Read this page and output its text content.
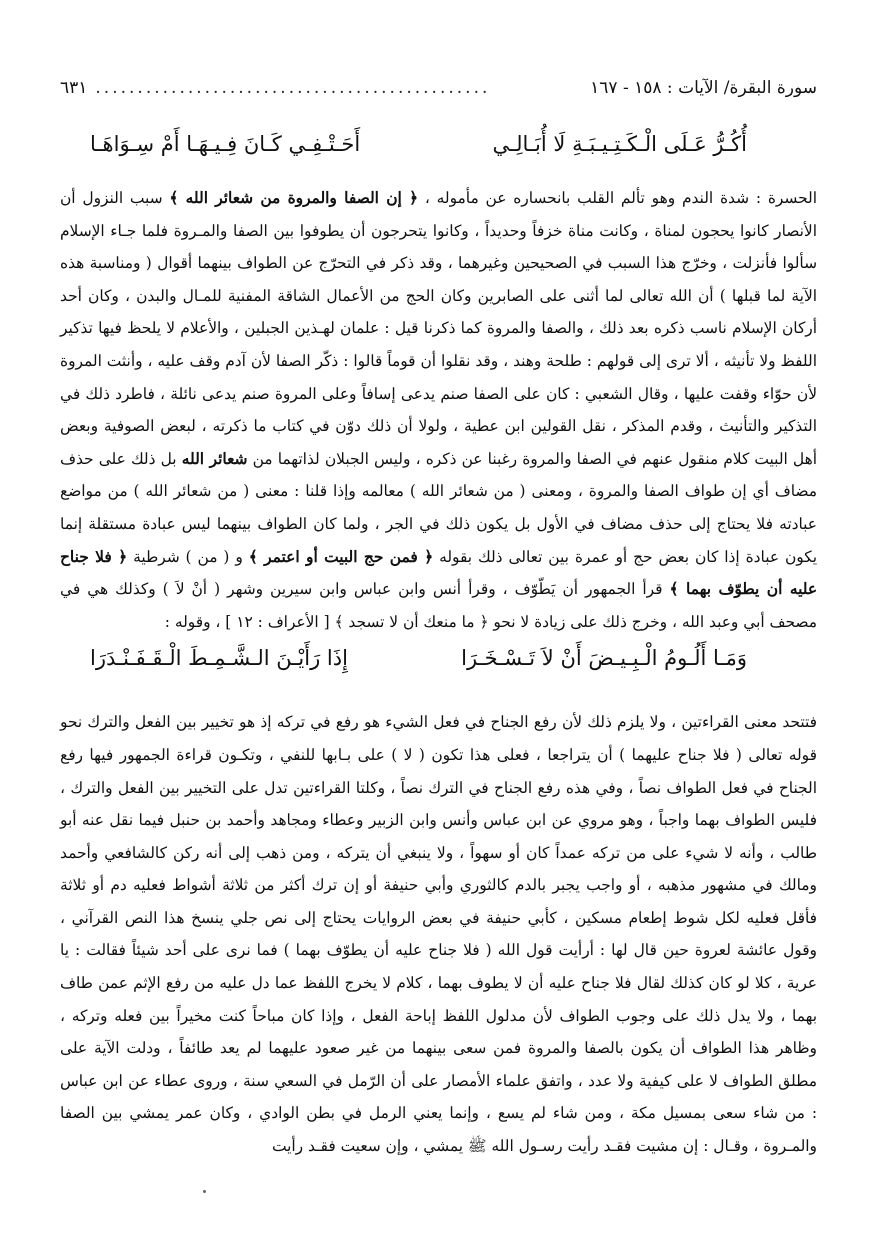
سورة البقرة/ الآيات : ١٥٨ - ١٦٧
...............................................
٦٣١
أُكُـرُّ عَـلَى الْـكَـتِـيـبَـةِ لَا أُبَـالِـي
أَحَـتْـفِـي كَـانَ فِـيـهَـا أَمْ سِـوَاهَـا

الحسرة : شدة الندم وهو تألم القلب بانحساره عن مأموله ، ﴿ إن الصفا والمروة من شعائر الله ﴾ سبب النزول أن الأنصار كانوا يحجون لمناة ، وكانت مناة خزفاً وحديداً ، وكانوا يتحرجون أن يطوفوا بين الصفا والمـروة فلما جـاء الإسلام سألوا فأنزلت ، وخرّج هذا السبب في الصحيحين وغيرهما ، وقد ذكر في التحرّج عن الطواف بينهما أقوال ( ومناسبة هذه الآية لما قبلها ) أن الله تعالى لما أثنى على الصابرين وكان الحج من الأعمال الشاقة المفنية للمـال والبدن ، وكان أحد أركان الإسلام ناسب ذكره بعد ذلك ، والصفا والمروة كما ذكرنا قيل : علمان لهـذين الجبلين ، والأعلام لا يلحظ فيها تذكير اللفظ ولا تأنيثه ، ألا ترى إلى قولهم : طلحة وهند ، وقد نقلوا أن قوماً قالوا : ذكّر الصفا لأن آدم وقف عليه ، وأنثت المروة لأن حوّاء وقفت عليها ، وقال الشعبي : كان على الصفا صنم يدعى إسافاً وعلى المروة صنم يدعى نائلة ، فاطرد ذلك في التذكير والتأنيث ، وقدم المذكر ، نقل القولين ابن عطية ، ولولا أن ذلك دوّن في كتاب ما ذكرته ، لبعض الصوفية وبعض أهل البيت كلام منقول عنهم في الصفا والمروة رغبنا عن ذكره ، وليس الجبلان لذاتهما من شعائر الله بل ذلك على حذف مضاف أي إن طواف الصفا والمروة ، ومعنى ( من شعائر الله ) معالمه وإذا قلنا : معنى ( من شعائر الله ) من مواضع عبادته فلا يحتاج إلى حذف مضاف في الأول بل يكون ذلك في الجر ، ولما كان الطواف بينهما ليس عبادة مستقلة إنما يكون عبادة إذا كان بعض حج أو عمرة بين تعالى ذلك بقوله ﴿ فمن حج البيت أو اعتمر ﴾ و ( من ) شرطية ﴿ فلا جناح عليه أن يطوّف بهما ﴾ قرأ الجمهور أن يَطّوّف ، وقرأ أنس وابن عباس وابن سيرين وشهر ( أنْ لاَ ) وكذلك هي في مصحف أبي وعبد الله ، وخرج ذلك على زيادة لا نحو ﴿ ما منعك أن لا تسجد ﴾ [ الأعراف : ١٢ ] ، وقوله :

وَمَـا أَلُـومُ الْـبِـيـضَ أَنْ لاَ تَـسْـخَـرَا
إِذَا رَأَيْـنَ الـشَّـمِـطَ الْـقَـفَـنْـدَرَا

فتتحد معنى القراءتين ، ولا يلزم ذلك لأن رفع الجناح في فعل الشيء هو رفع في تركه إذ هو تخيير بين الفعل والترك نحو قوله تعالى ( فلا جناح عليهما ) أن يتراجعا ، فعلى هذا تكون ( لا ) على بـابها للنفي ، وتكـون قراءة الجمهور فيها رفع الجناح في فعل الطواف نصاً ، وفي هذه رفع الجناح في الترك نصاً ، وكلتا القراءتين تدل على التخيير بين الفعل والترك ، فليس الطواف بهما واجباً ، وهو مروي عن ابن عباس وأنس وابن الزبير وعطاء ومجاهد وأحمد بن حنبل فيما نقل عنه أبو طالب ، وأنه لا شيء على من تركه عمداً كان أو سهواً ، ولا ينبغي أن يتركه ، ومن ذهب إلى أنه ركن كالشافعي وأحمد ومالك في مشهور مذهبه ، أو واجب يجبر بالدم كالثوري وأبي حنيفة أو إن ترك أكثر من ثلاثة أشواط فعليه دم أو ثلاثة فأقل فعليه لكل شوط إطعام مسكين ، كأبي حنيفة في بعض الروايات يحتاج إلى نص جلي ينسخ هذا النص القرآني ، وقول عائشة لعروة حين قال لها : أرأيت قول الله ( فلا جناح عليه أن يطوّف بهما ) فما نرى على أحد شيئاً فقالت : يا عرية ، كلا لو كان كذلك لقال فلا جناح عليه أن لا يطوف بهما ، كلام لا يخرج اللفظ عما دل عليه من رفع الإثم عمن طاف بهما ، ولا يدل ذلك على وجوب الطواف لأن مدلول اللفظ إباحة الفعل ، وإذا كان مباحاً كنت مخيراً بين فعله وتركه ، وظاهر هذا الطواف أن يكون بالصفا والمروة فمن سعى بينهما من غير صعود عليهما لم يعد طائفاً ، ودلت الآية على مطلق الطواف لا على كيفية ولا عدد ، واتفق علماء الأمصار على أن الرّمل في السعي سنة ، وروى عطاء عن ابن عباس : من شاء سعى بمسيل مكة ، ومن شاء لم يسع ، وإنما يعني الرمل في بطن الوادي ، وكان عمر يمشي بين الصفا والمـروة ، وقـال : إن مشيت فقـد رأيت رسـول الله ﷺ يمشي ، وإن سعيت فقـد رأيت
